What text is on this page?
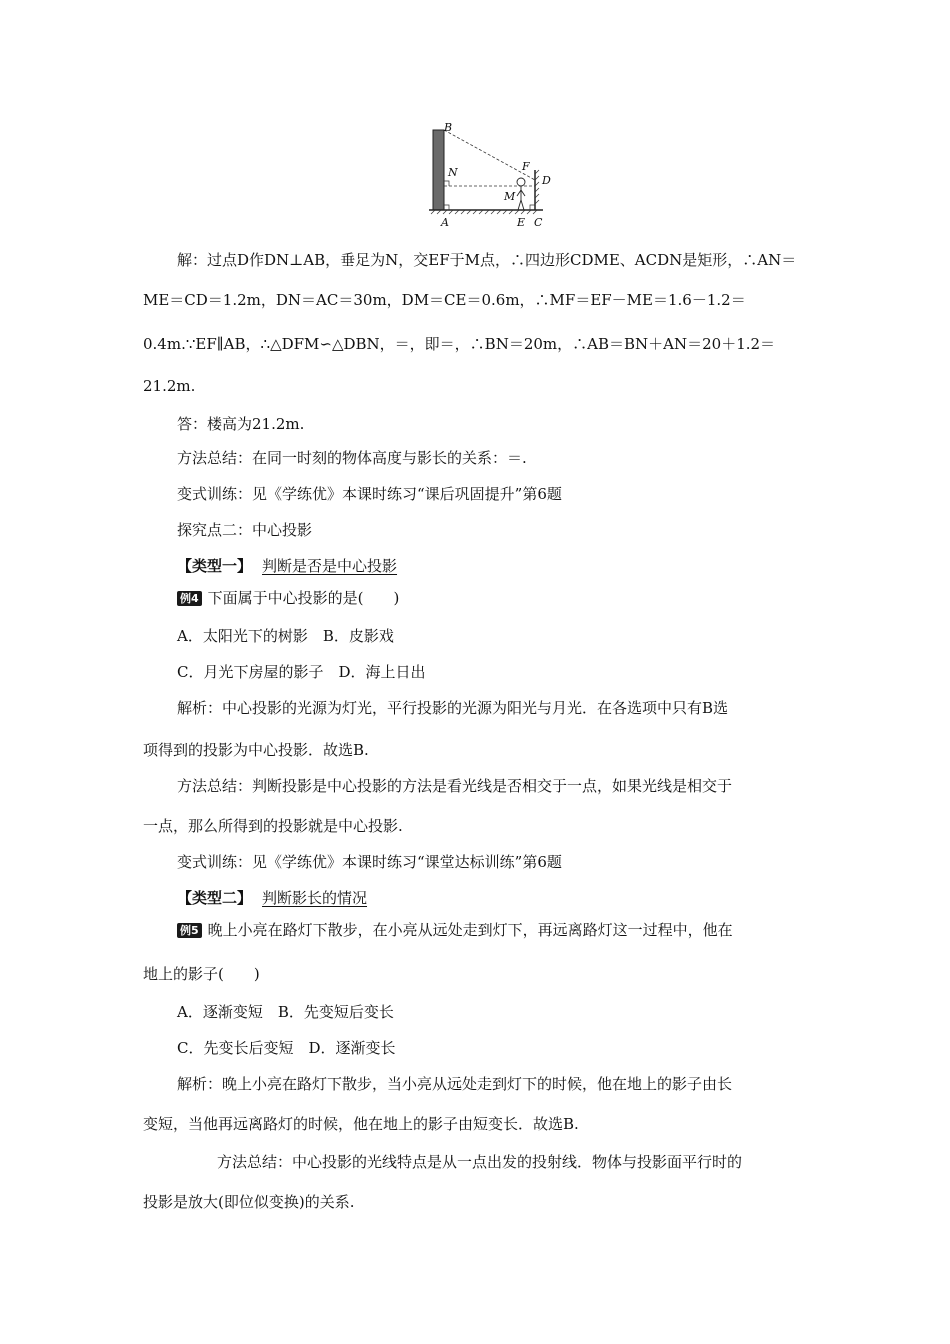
B
N	F
D
M
A	E C
解：过点D作DN⊥AB，垂足为N，交EF于M点，∴四边形CDME、ACDN是矩形，∴AN＝
ME＝CD＝1.2m，DN＝AC＝30m，DM＝CE＝0.6m，∴MF＝EF－ME＝1.6－1.2＝
0.4m.∵EF∥AB，∴△DFM∽△DBN，＝，即＝，∴BN＝20m，∴AB＝BN＋AN＝20＋1.2＝
21.2m.
答：楼高为21.2m.
方法总结：在同一时刻的物体高度与影长的关系：＝.
变式训练：见《学练优》本课时练习“课后巩固提升”第6题
探究点二：中心投影
【类型一】 判断是否是中心投影
例4 下面属于中心投影的是(　　)
A．太阳光下的树影　B．皮影戏
C．月光下房屋的影子　D．海上日出
解析：中心投影的光源为灯光，平行投影的光源为阳光与月光．在各选项中只有B选
项得到的投影为中心投影．故选B.
方法总结：判断投影是中心投影的方法是看光线是否相交于一点，如果光线是相交于
一点，那么所得到的投影就是中心投影.
变式训练：见《学练优》本课时练习“课堂达标训练”第6题
【类型二】 判断影长的情况
例5 晚上小亮在路灯下散步，在小亮从远处走到灯下，再远离路灯这一过程中，他在
地上的影子(　　)
A．逐渐变短　B．先变短后变长
C．先变长后变短　D．逐渐变长
解析：晚上小亮在路灯下散步，当小亮从远处走到灯下的时候，他在地上的影子由长
变短，当他再远离路灯的时候，他在地上的影子由短变长．故选B.
方法总结：中心投影的光线特点是从一点出发的投射线．物体与投影面平行时的
投影是放大(即位似变换)的关系.
